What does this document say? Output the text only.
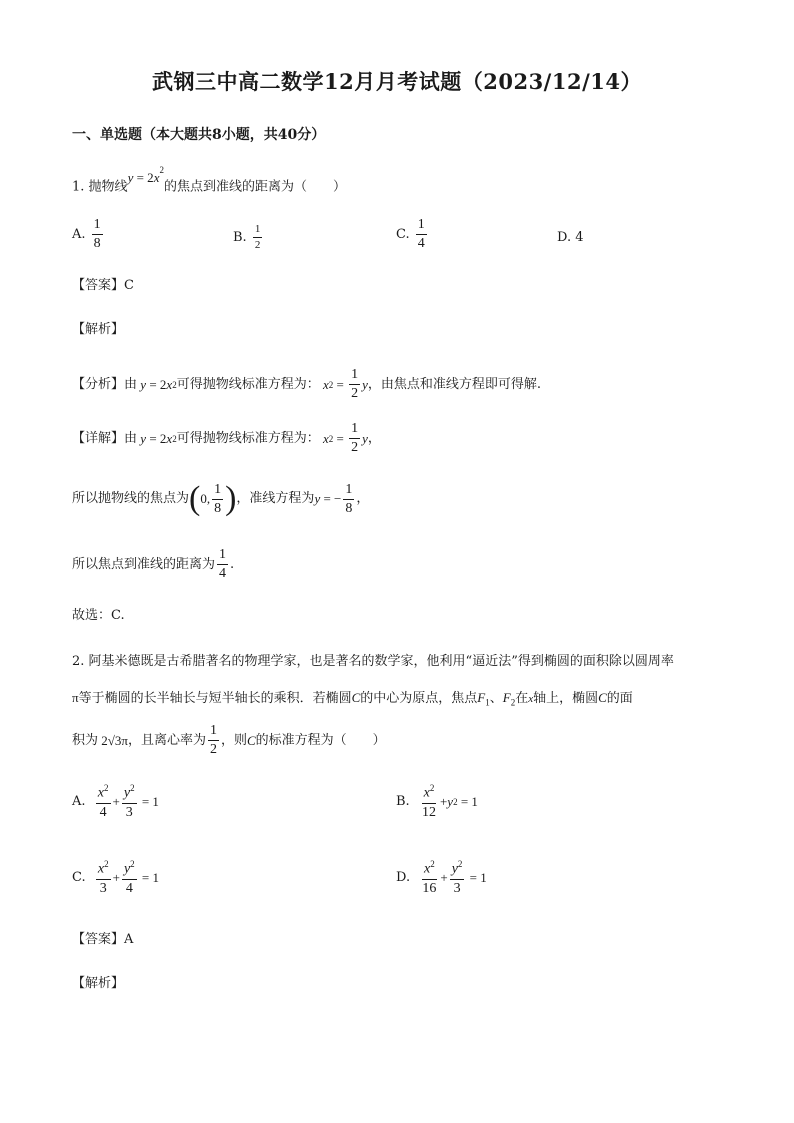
武钢三中高二数学12月月考试题（2023/12/14）
一、单选题（本大题共8小题，共40分）
1. 抛物线$y = 2x^2$的焦点到准线的距离为（　　）
A. $\frac{1}{8}$	B. $\frac{1}{2}$	C. $\frac{1}{4}$	D. 4
【答案】C
【解析】
【分析】 由 y = 2 x 2 可得抛物线标准方程为： x $2 = \frac{1}{2}$ y ，由焦点和准线方程即可得解.
【详解】 由 y = 2 x 2 可得抛物线标准方程为： x $2 = \frac{1}{2}$ y ，
所以抛物线的焦点为 ( 0, $\frac{1}{8}$ ) ，准线方程为 y = − $\frac{1}{8}$ ，
所以焦点到准线的距离为 $\frac{1}{4}$ .
故选：C.
2. 阿基米德既是古希腊著名的物理学家，也是著名的数学家，他利用“逼近法”得到椭圆的面积除以圆周率
π等于椭圆的长半轴长与短半轴长的乘积．若椭圆C的中心为原点，焦点$F_1$、$F_2$在x轴上，椭圆C的面
积为 2√3π ，且离心率为 $\frac{1}{2}$ ，则 C 的标准方程为（　　）
A.
$\frac{x^2}{4} + \frac{y^2}{3} = 1$	B.
$\frac{x^2}{12} + y$ 2 = 1
C.
$\frac{x^2}{3} + \frac{y^2}{4} = 1$	D.
$\frac{x^2}{16} + \frac{y^2}{3} = 1$
【答案】A
【解析】
